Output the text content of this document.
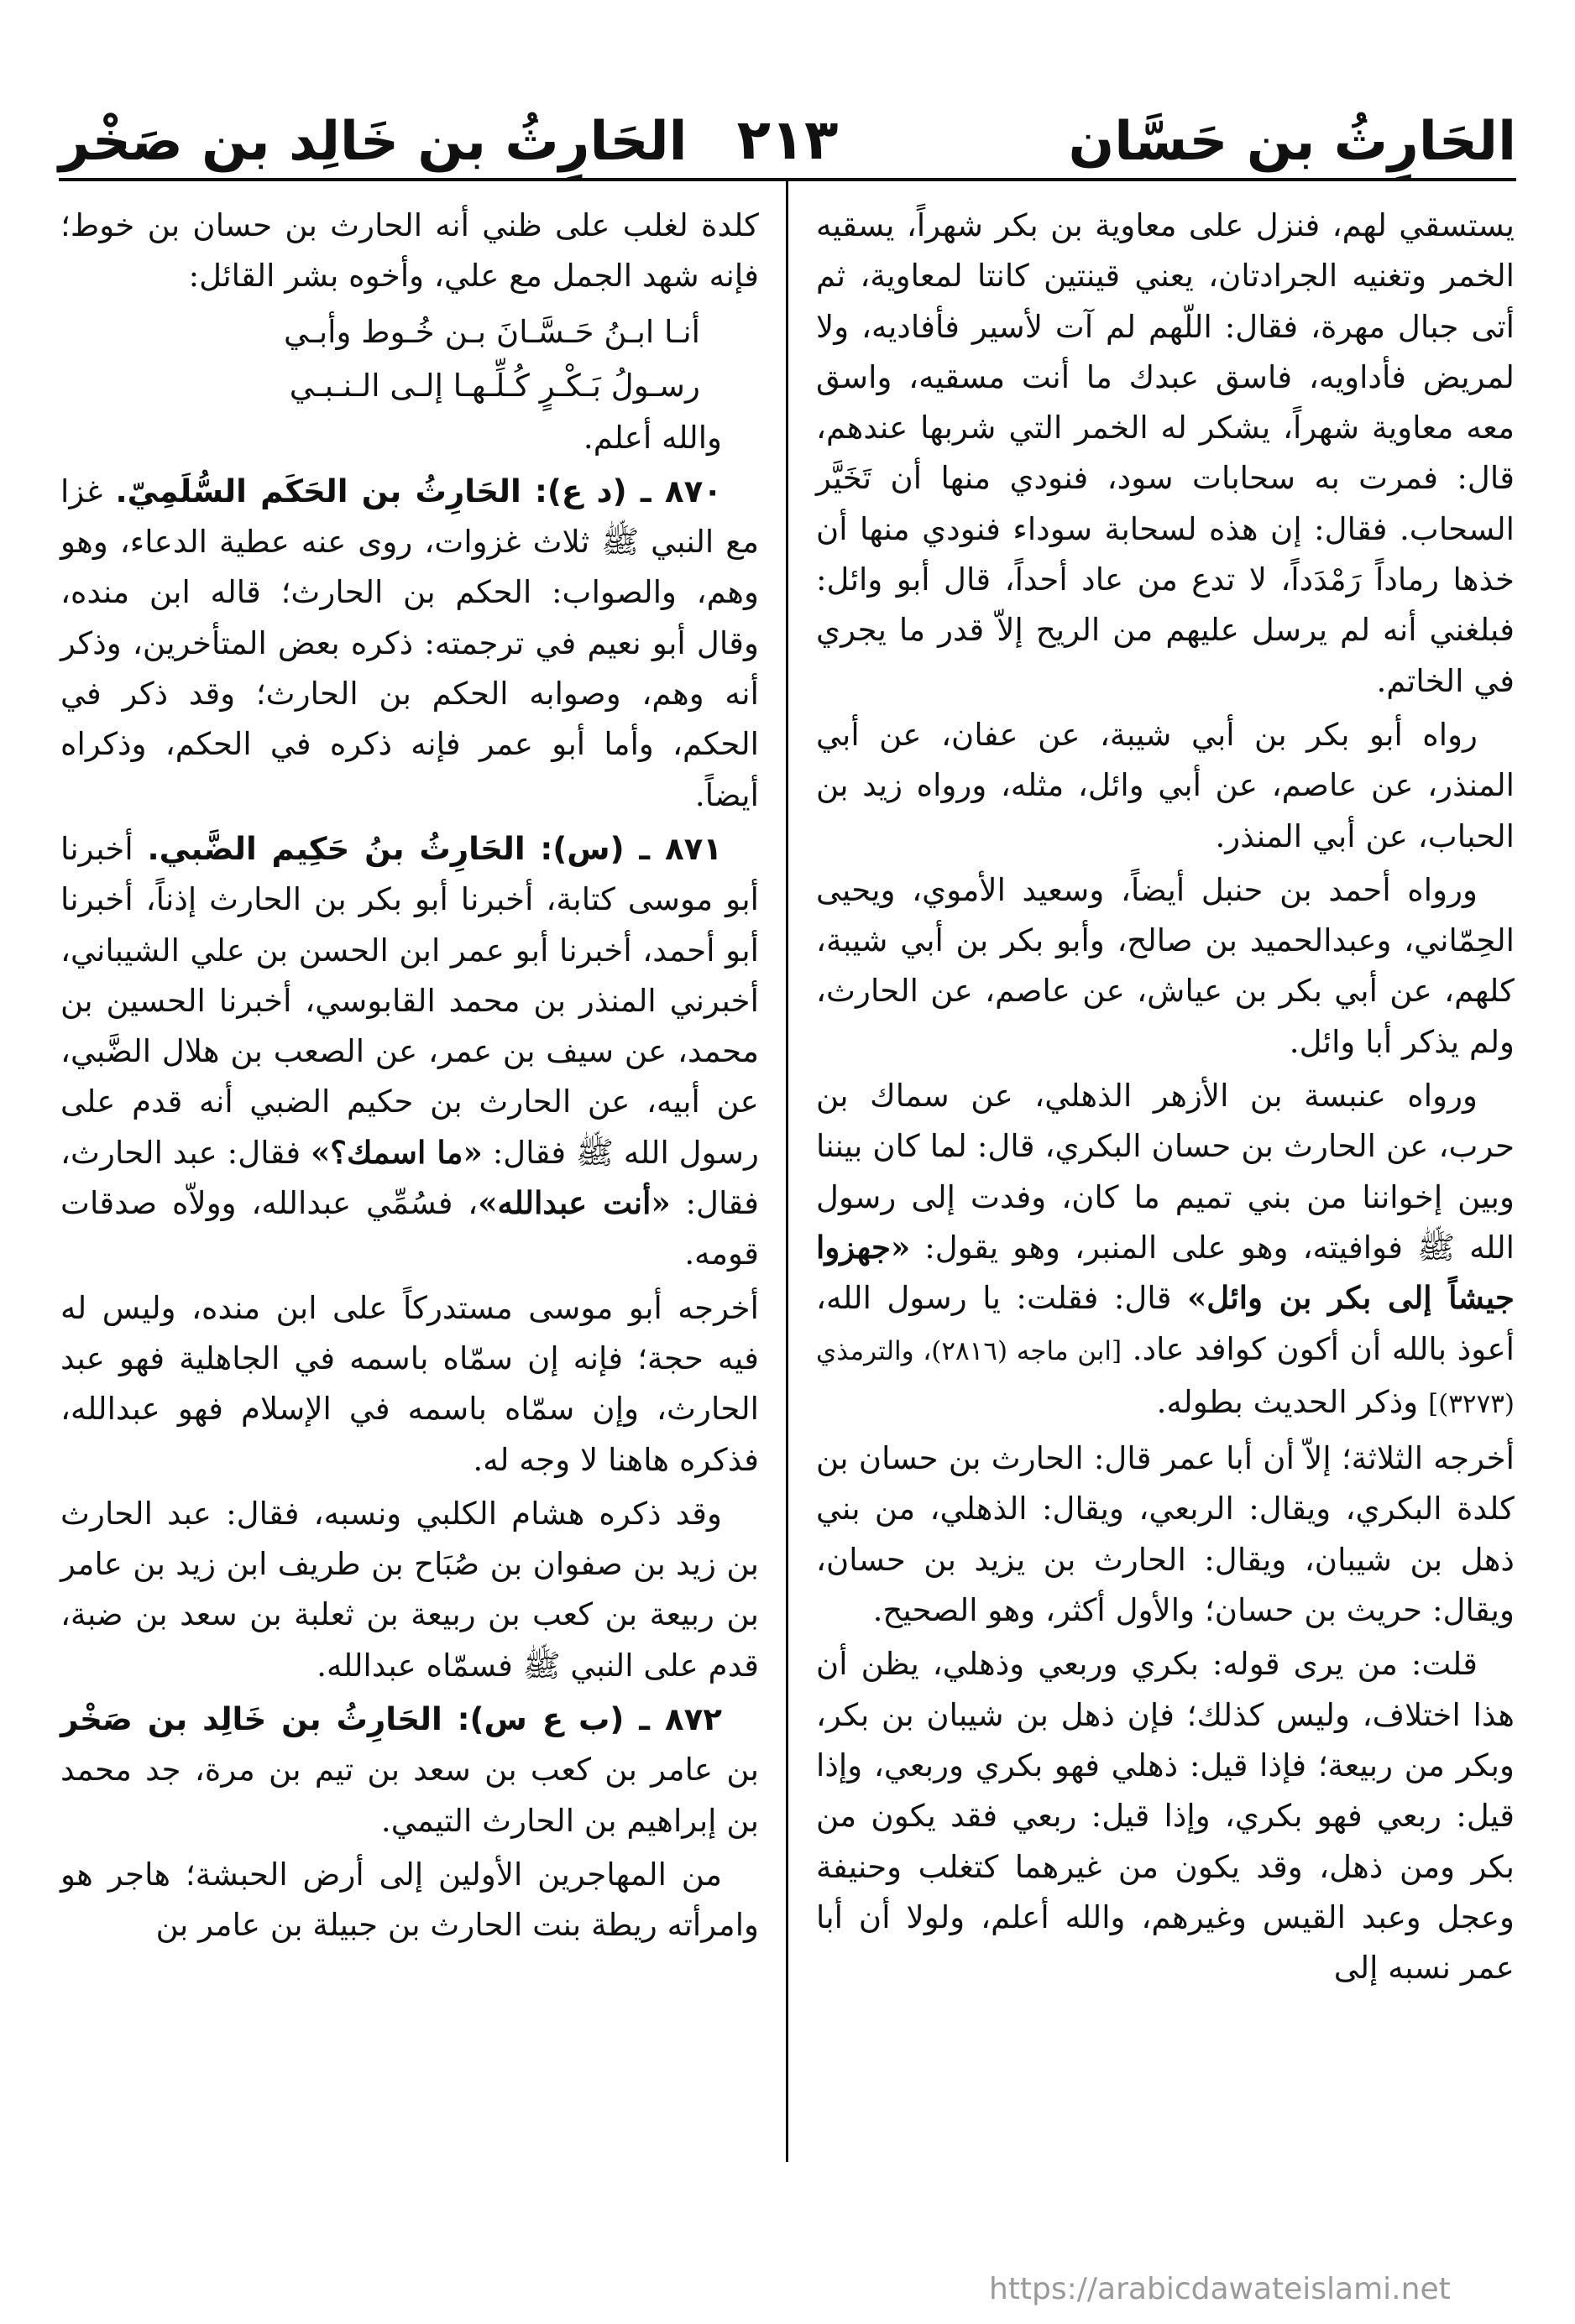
الحَارِثُ بن حَسَّان
٢١٣
الحَارِثُ بن خَالِد بن صَخْر

يستسقي لهم، فنزل على معاوية بن بكر شهراً، يسقيه الخمر وتغنيه الجرادتان، يعني قينتين كانتا لمعاوية، ثم أتى جبال مهرة، فقال: اللّهم لم آت لأسير فأفاديه، ولا لمريض فأداويه، فاسق عبدك ما أنت مسقيه، واسق معه معاوية شهراً، يشكر له الخمر التي شربها عندهم، قال: فمرت به سحابات سود، فنودي منها أن تَخَيَّر السحاب. فقال: إن هذه لسحابة سوداء فنودي منها أن خذها رماداً رَمْدَداً، لا تدع من عاد أحداً، قال أبو وائل: فبلغني أنه لم يرسل عليهم من الريح إلاّ قدر ما يجري في الخاتم.

رواه أبو بكر بن أبي شيبة، عن عفان، عن أبي المنذر، عن عاصم، عن أبي وائل، مثله، ورواه زيد بن الحباب، عن أبي المنذر.

ورواه أحمد بن حنبل أيضاً، وسعيد الأموي، ويحيى الحِمّاني، وعبدالحميد بن صالح، وأبو بكر بن أبي شيبة، كلهم، عن أبي بكر بن عياش، عن عاصم، عن الحارث، ولم يذكر أبا وائل.

ورواه عنبسة بن الأزهر الذهلي، عن سماك بن حرب، عن الحارث بن حسان البكري، قال: لما كان بيننا وبين إخواننا من بني تميم ما كان، وفدت إلى رسول الله ﷺ فوافيته، وهو على المنبر، وهو يقول: «جهزوا جيشاً إلى بكر بن وائل» قال: فقلت: يا رسول الله، أعوذ بالله أن أكون كوافد عاد. [ابن ماجه (٢٨١٦)، والترمذي (٣٢٧٣)] وذكر الحديث بطوله.

أخرجه الثلاثة؛ إلاّ أن أبا عمر قال: الحارث بن حسان بن كلدة البكري، ويقال: الربعي، ويقال: الذهلي، من بني ذهل بن شيبان، ويقال: الحارث بن يزيد بن حسان، ويقال: حريث بن حسان؛ والأول أكثر، وهو الصحيح.

قلت: من يرى قوله: بكري وربعي وذهلي، يظن أن هذا اختلاف، وليس كذلك؛ فإن ذهل بن شيبان بن بكر، وبكر من ربيعة؛ فإذا قيل: ذهلي فهو بكري وربعي، وإذا قيل: ربعي فهو بكري، وإذا قيل: ربعي فقد يكون من بكر ومن ذهل، وقد يكون من غيرهما كتغلب وحنيفة وعجل وعبد القيس وغيرهم، والله أعلم، ولولا أن أبا عمر نسبه إلى

كلدة لغلب على ظني أنه الحارث بن حسان بن خوط؛ فإنه شهد الجمل مع علي، وأخوه بشر القائل:

أنـا ابـنُ حَـسَّـانَ بـن خُـوط وأبـي

رسـولُ بَـكْـرٍ كُـلِّـهـا إلـى الـنـبـي

والله أعلم.

٨٧٠ ـ (د ع): الحَارِثُ بن الحَكَم السُّلَمِيّ. غزا مع النبي ﷺ ثلاث غزوات، روى عنه عطية الدعاء، وهو وهم، والصواب: الحكم بن الحارث؛ قاله ابن منده، وقال أبو نعيم في ترجمته: ذكره بعض المتأخرين، وذكر أنه وهم، وصوابه الحكم بن الحارث؛ وقد ذكر في الحكم، وأما أبو عمر فإنه ذكره في الحكم، وذكراه أيضاً.

٨٧١ ـ (س): الحَارِثُ بنُ حَكِيم الضَّبي. أخبرنا أبو موسى كتابة، أخبرنا أبو بكر بن الحارث إذناً، أخبرنا أبو أحمد، أخبرنا أبو عمر ابن الحسن بن علي الشيباني، أخبرني المنذر بن محمد القابوسي، أخبرنا الحسين بن محمد، عن سيف بن عمر، عن الصعب بن هلال الضَّبي، عن أبيه، عن الحارث بن حكيم الضبي أنه قدم على رسول الله ﷺ فقال: «ما اسمك؟» فقال: عبد الحارث، فقال: «أنت عبدالله»، فسُمِّي عبدالله، وولاّه صدقات قومه.

أخرجه أبو موسى مستدركاً على ابن منده، وليس له فيه حجة؛ فإنه إن سمّاه باسمه في الجاهلية فهو عبد الحارث، وإن سمّاه باسمه في الإسلام فهو عبدالله، فذكره هاهنا لا وجه له.

وقد ذكره هشام الكلبي ونسبه، فقال: عبد الحارث بن زيد بن صفوان بن صُبَاح بن طريف ابن زيد بن عامر بن ربيعة بن كعب بن ربيعة بن ثعلبة بن سعد بن ضبة، قدم على النبي ﷺ فسمّاه عبدالله.

٨٧٢ ـ (ب ع س): الحَارِثُ بن خَالِد بن صَخْر بن عامر بن كعب بن سعد بن تيم بن مرة، جد محمد بن إبراهيم بن الحارث التيمي.

من المهاجرين الأولين إلى أرض الحبشة؛ هاجر هو وامرأته ريطة بنت الحارث بن جبيلة بن عامر بن

https://arabicdawateislami.net
